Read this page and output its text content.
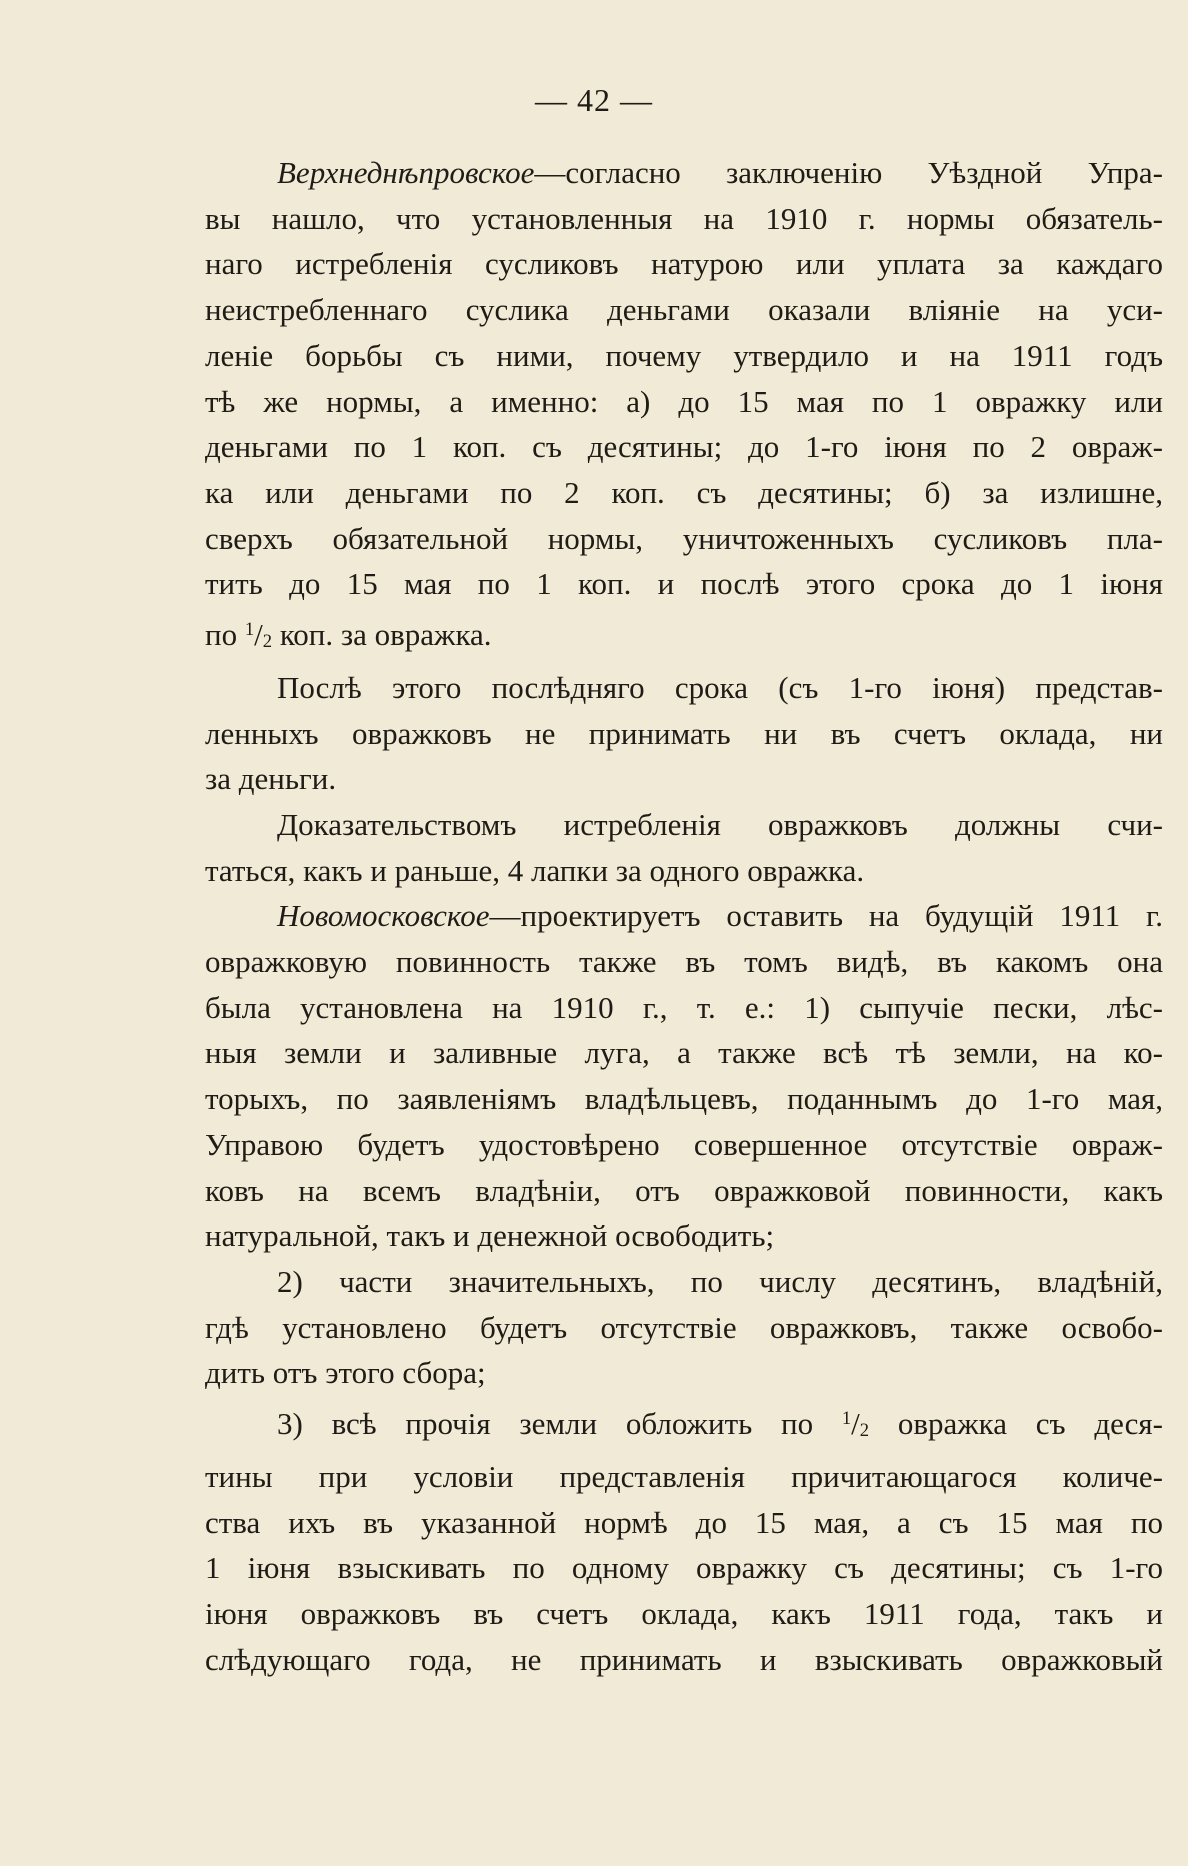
— 42 —
Верхнеднѣпровское—согласно заключенію Уѣздной Упра-
вы нашло, что установленныя на 1910 г. нормы обязатель-
наго истребленія сусликовъ натурою или уплата за каждаго
неистребленнаго суслика деньгами оказали вліяніе на уси-
леніе борьбы съ ними, почему утвердило и на 1911 годъ
тѣ же нормы, а именно: а) до 15 мая по 1 овражку или
деньгами по 1 коп. съ десятины; до 1-го іюня по 2 овраж-
ка или деньгами по 2 коп. съ десятины; б) за излишне,
сверхъ обязательной нормы, уничтоженныхъ сусликовъ пла-
тить до 15 мая по 1 коп. и послѣ этого срока до 1 іюня
по $^1/_2$ коп. за овражка.
Послѣ этого послѣдняго срока (съ 1-го іюня) представ-
ленныхъ овражковъ не принимать ни въ счетъ оклада, ни
за деньги.
Доказательствомъ истребленія овражковъ должны счи-
таться, какъ и раньше, 4 лапки за одного овражка.
Новомосковское—проектируетъ оставить на будущій 1911 г.
овражковую повинность также въ томъ видѣ, въ какомъ она
была установлена на 1910 г., т. е.: 1) сыпучіе пески, лѣс-
ныя земли и заливные луга, а также всѣ тѣ земли, на ко-
торыхъ, по заявленіямъ владѣльцевъ, поданнымъ до 1-го мая,
Управою будетъ удостовѣрено совершенное отсутствіе овраж-
ковъ на всемъ владѣніи, отъ овражковой повинности, какъ
натуральной, такъ и денежной освободить;
2) части значительныхъ, по числу десятинъ, владѣній,
гдѣ установлено будетъ отсутствіе овражковъ, также освобо-
дить отъ этого сбора;
3) всѣ прочія земли обложить по $^1/_2$ овражка съ деся-
тины при условіи представленія причитающагося количе-
ства ихъ въ указанной нормѣ до 15 мая, а съ 15 мая по
1 іюня взыскивать по одному овражку съ десятины; съ 1-го
іюня овражковъ въ счетъ оклада, какъ 1911 года, такъ и
слѣдующаго года, не принимать и взыскивать овражковый
